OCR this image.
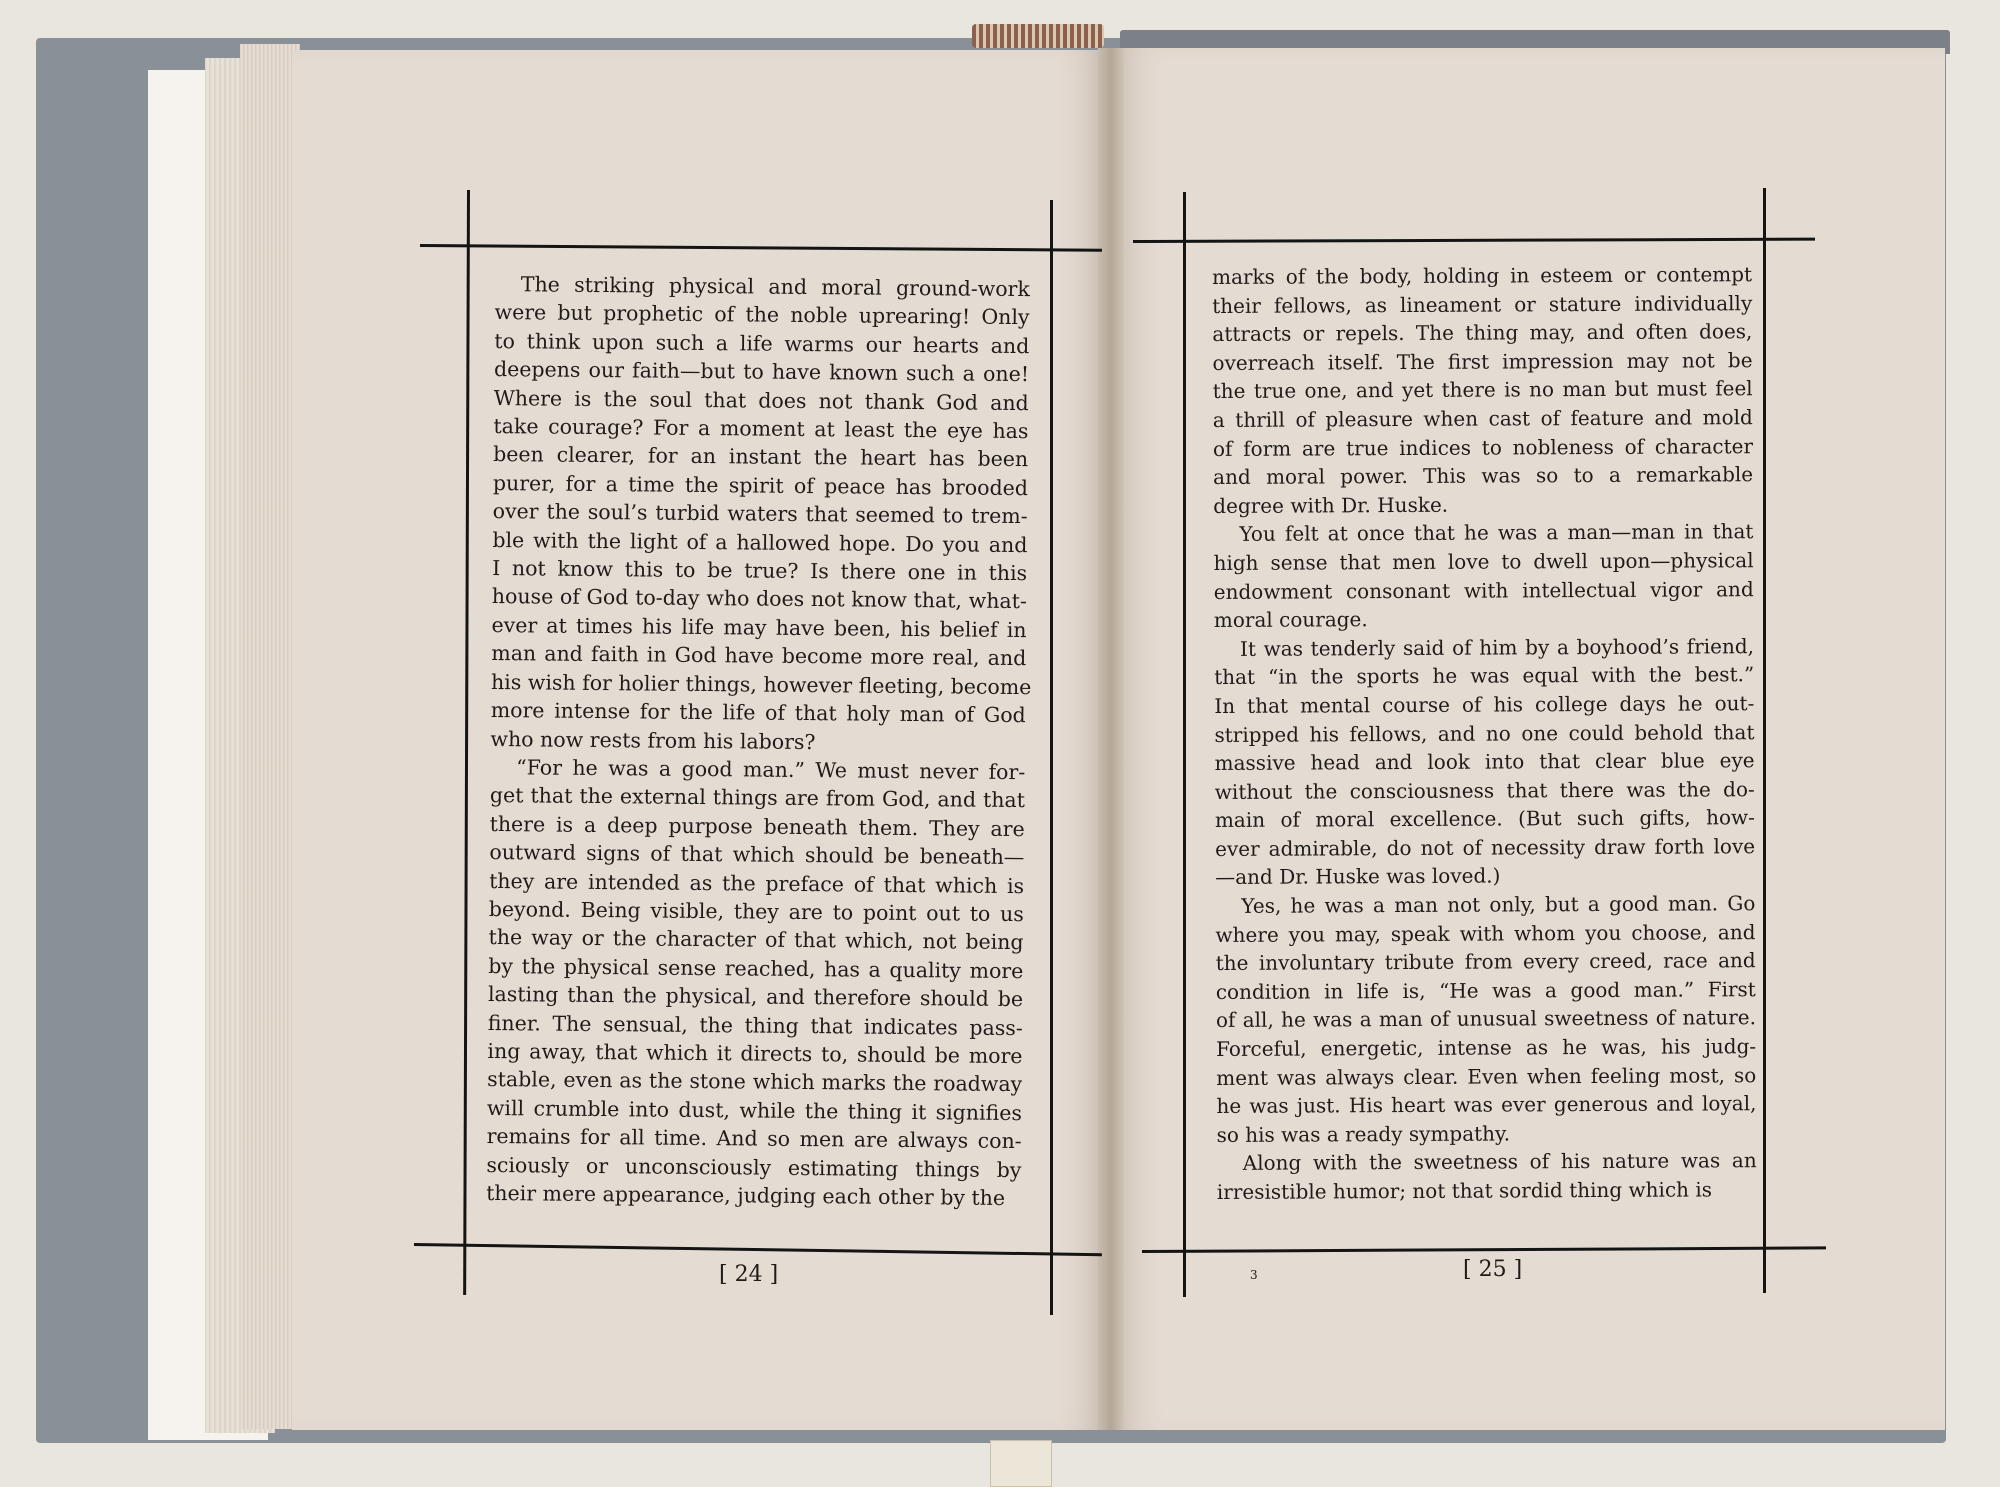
The striking physical and moral ground-work
were but prophetic of the noble uprearing! Only
to think upon such a life warms our hearts and
deepens our faith—but to have known such a one!
Where is the soul that does not thank God and
take courage? For a moment at least the eye has
been clearer, for an instant the heart has been
purer, for a time the spirit of peace has brooded
over the soul’s turbid waters that seemed to trem-
ble with the light of a hallowed hope. Do you and
I not know this to be true? Is there one in this
house of God to-day who does not know that, what-
ever at times his life may have been, his belief in
man and faith in God have become more real, and
his wish for holier things, however fleeting, become
more intense for the life of that holy man of God
who now rests from his labors?
“For he was a good man.” We must never for-
get that the external things are from God, and that
there is a deep purpose beneath them. They are
outward signs of that which should be beneath—
they are intended as the preface of that which is
beyond. Being visible, they are to point out to us
the way or the character of that which, not being
by the physical sense reached, has a quality more
lasting than the physical, and therefore should be
finer. The sensual, the thing that indicates pass-
ing away, that which it directs to, should be more
stable, even as the stone which marks the roadway
will crumble into dust, while the thing it signifies
remains for all time. And so men are always con-
sciously or unconsciously estimating things by
their mere appearance, judging each other by the
marks of the body, holding in esteem or contempt
their fellows, as lineament or stature individually
attracts or repels. The thing may, and often does,
overreach itself. The first impression may not be
the true one, and yet there is no man but must feel
a thrill of pleasure when cast of feature and mold
of form are true indices to nobleness of character
and moral power. This was so to a remarkable
degree with Dr. Huske.
You felt at once that he was a man—man in that
high sense that men love to dwell upon—physical
endowment consonant with intellectual vigor and
moral courage.
It was tenderly said of him by a boyhood’s friend,
that “in the sports he was equal with the best.”
In that mental course of his college days he out-
stripped his fellows, and no one could behold that
massive head and look into that clear blue eye
without the consciousness that there was the do-
main of moral excellence. (But such gifts, how-
ever admirable, do not of necessity draw forth love
—and Dr. Huske was loved.)
Yes, he was a man not only, but a good man. Go
where you may, speak with whom you choose, and
the involuntary tribute from every creed, race and
condition in life is, “He was a good man.” First
of all, he was a man of unusual sweetness of nature.
Forceful, energetic, intense as he was, his judg-
ment was always clear. Even when feeling most, so
he was just. His heart was ever generous and loyal,
so his was a ready sympathy.
Along with the sweetness of his nature was an
irresistible humor; not that sordid thing which is
[ 24 ]	[ 25 ]
3
